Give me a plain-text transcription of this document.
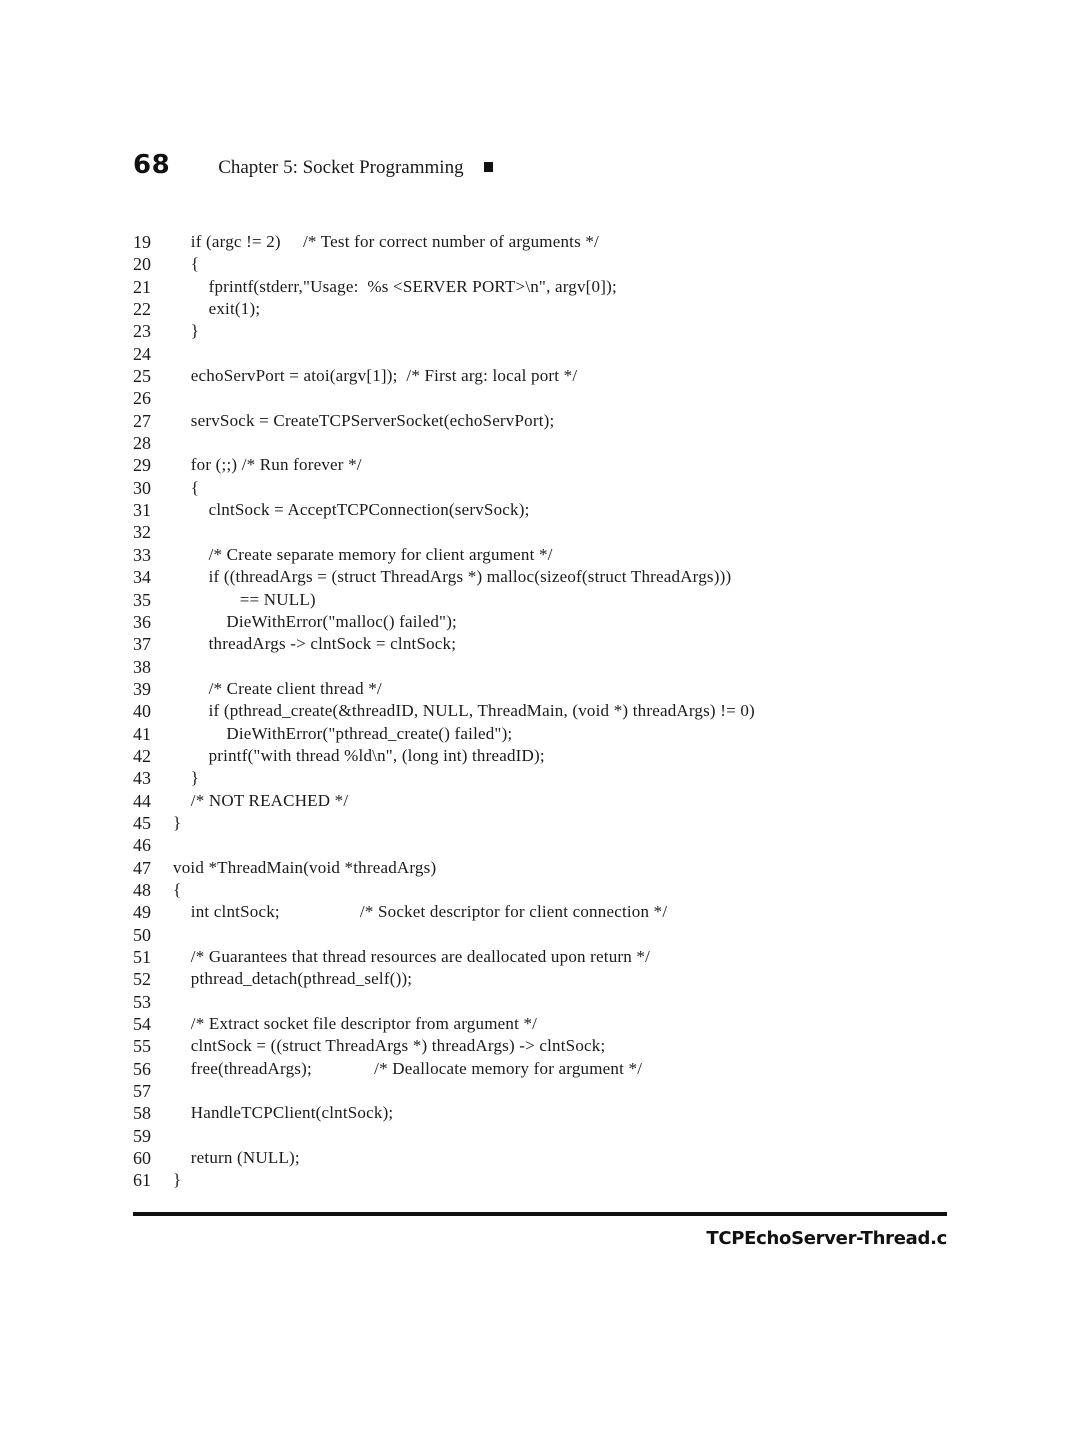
68	Chapter 5: Socket Programming
19	if (argc != 2)     /* Test for correct number of arguments */
20	{
21	fprintf(stderr,"Usage:  %s <SERVER PORT>\n", argv[0]);
22	exit(1);
23	}
24
25	echoServPort = atoi(argv[1]);  /* First arg: local port */
26
27	servSock = CreateTCPServerSocket(echoServPort);
28
29	for (;;) /* Run forever */
30	{
31	clntSock = AcceptTCPConnection(servSock);
32
33	/* Create separate memory for client argument */
34	if ((threadArgs = (struct ThreadArgs *) malloc(sizeof(struct ThreadArgs)))
35	== NULL)
36	DieWithError("malloc() failed");
37	threadArgs -> clntSock = clntSock;
38
39	/* Create client thread */
40	if (pthread_create(&threadID, NULL, ThreadMain, (void *) threadArgs) != 0)
41	DieWithError("pthread_create() failed");
42	printf("with thread %ld\n", (long int) threadID);
43	}
44	/* NOT REACHED */
45	}
46
47	void *ThreadMain(void *threadArgs)
48	{
49	int clntSock;                  /* Socket descriptor for client connection */
50
51	/* Guarantees that thread resources are deallocated upon return */
52	pthread_detach(pthread_self());
53
54	/* Extract socket file descriptor from argument */
55	clntSock = ((struct ThreadArgs *) threadArgs) -> clntSock;
56	free(threadArgs);              /* Deallocate memory for argument */
57
58	HandleTCPClient(clntSock);
59
60	return (NULL);
61	}
TCPEchoServer-Thread.c
